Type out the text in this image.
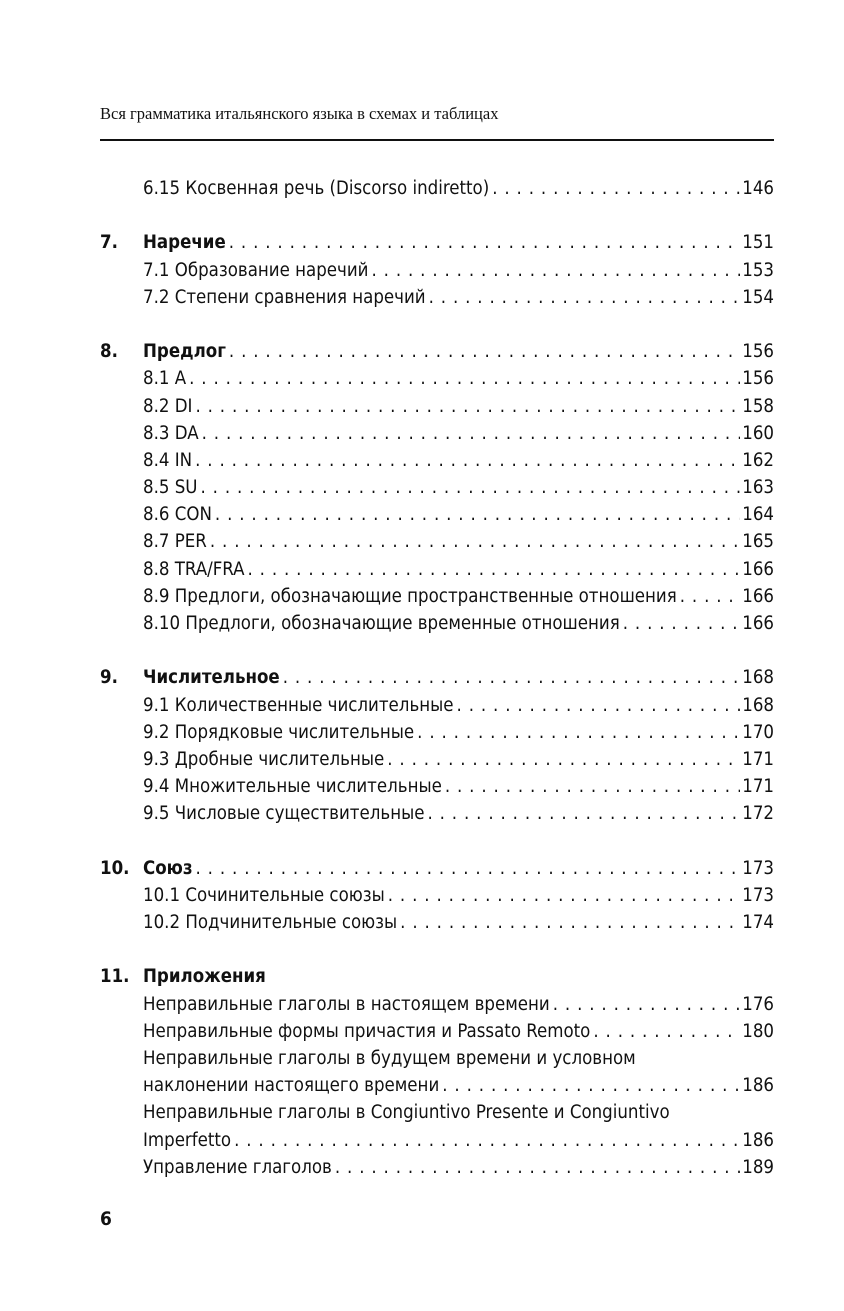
Вся грамматика итальянского языка в схемах и таблицах
6.15 Косвенная речь (Discorso indiretto) . . .	146
7. Наречие . . .	151
7.1 Образование наречий . . .	153
7.2 Степени сравнения наречий . . .	154
8. Предлог . . .	156
8.1 A . . .	156
8.2 DI . . .	158
8.3 DA . . .	160
8.4 IN . . .	162
8.5 SU . . .	163
8.6 CON . . .	164
8.7 PER . . .	165
8.8 TRA/FRA . . .	166
8.9 Предлоги, обозначающие пространственные отношения . . .	166
8.10 Предлоги, обозначающие временные отношения . . .	166
9. Числительное . . .	168
9.1 Количественные числительные . . .	168
9.2 Порядковые числительные . . .	170
9.3 Дробные числительные . . .	171
9.4 Множительные числительные . . .	171
9.5 Числовые существительные . . .	172
10. Союз . . .	173
10.1 Сочинительные союзы . . .	173
10.2 Подчинительные союзы . . .	174
11. Приложения
Неправильные глаголы в настоящем времени . . .	176
Неправильные формы причастия и Passato Remoto . . .	180
Неправильные глаголы в будущем времени и условном
наклонении настоящего времени . . .	186
Неправильные глаголы в Congiuntivo Presente и Congiuntivo
Imperfetto . . .	186
Управление глаголов . . .	189
6
